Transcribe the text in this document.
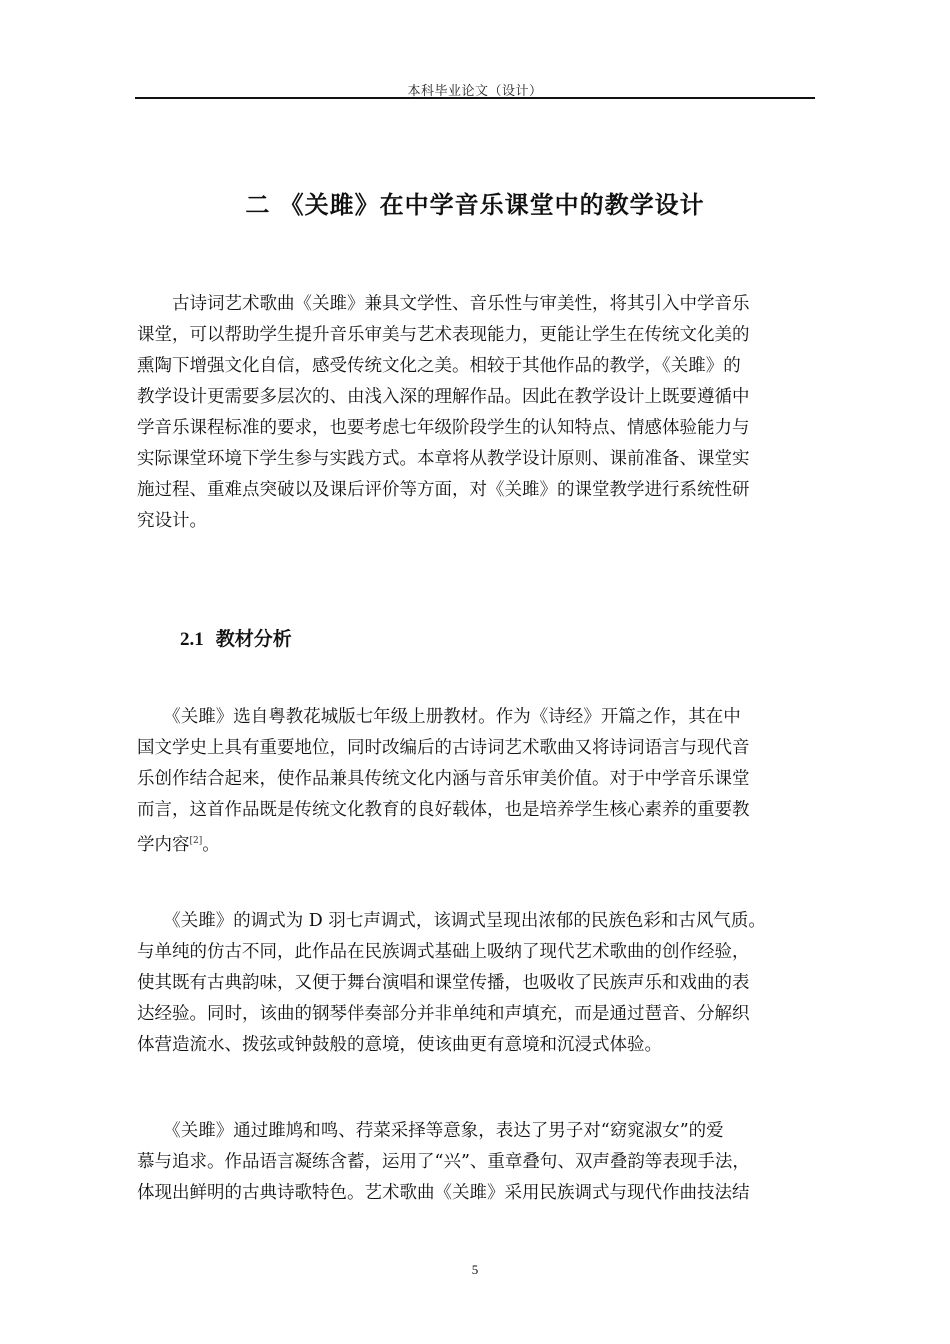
本科毕业论文（设计）
二 《关雎》在中学音乐课堂中的教学设计
　　古诗词艺术歌曲《关雎》兼具文学性、音乐性与审美性，将其引入中学音乐
课堂，可以帮助学生提升音乐审美与艺术表现能力，更能让学生在传统文化美的
熏陶下增强文化自信，感受传统文化之美。相较于其他作品的教学，《关雎》的
教学设计更需要多层次的、由浅入深的理解作品。因此在教学设计上既要遵循中
学音乐课程标准的要求，也要考虑七年级阶段学生的认知特点、情感体验能力与
实际课堂环境下学生参与实践方式。本章将从教学设计原则、课前准备、课堂实
施过程、重难点突破以及课后评价等方面，对《关雎》的课堂教学进行系统性研
究设计。
2.1 教材分析
　　《关雎》选自粤教花城版七年级上册教材。作为《诗经》开篇之作，其在中
国文学史上具有重要地位，同时改编后的古诗词艺术歌曲又将诗词语言与现代音
乐创作结合起来，使作品兼具传统文化内涵与音乐审美价值。对于中学音乐课堂
而言，这首作品既是传统文化教育的良好载体，也是培养学生核心素养的重要教
学内容[2]。
　　《关雎》的调式为 D 羽七声调式，该调式呈现出浓郁的民族色彩和古风气质。
与单纯的仿古不同，此作品在民族调式基础上吸纳了现代艺术歌曲的创作经验，
使其既有古典韵味，又便于舞台演唱和课堂传播，也吸收了民族声乐和戏曲的表
达经验。同时，该曲的钢琴伴奏部分并非单纯和声填充，而是通过琶音、分解织
体营造流水、拨弦或钟鼓般的意境，使该曲更有意境和沉浸式体验。
　　《关雎》通过雎鸠和鸣、荇菜采择等意象，表达了男子对“窈窕淑女”的爱
慕与追求。作品语言凝练含蓄，运用了“兴”、重章叠句、双声叠韵等表现手法，
体现出鲜明的古典诗歌特色。艺术歌曲《关雎》采用民族调式与现代作曲技法结
5
